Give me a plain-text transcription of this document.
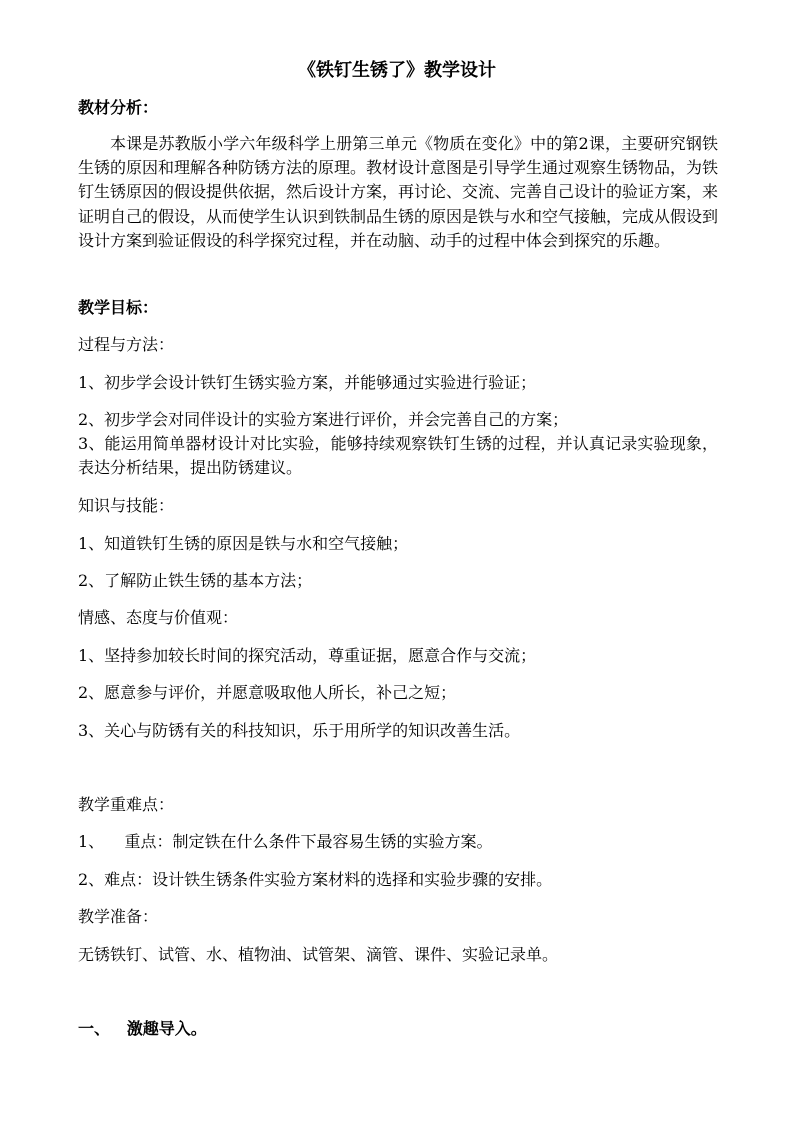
《铁钉生锈了》教学设计
教材分析：
本课是苏教版小学六年级科学上册第三单元《物质在变化》中的第2课，主要研究钢铁生锈的原因和理解各种防锈方法的原理。教材设计意图是引导学生通过观察生锈物品，为铁钉生锈原因的假设提供依据，然后设计方案，再讨论、交流、完善自己设计的验证方案，来证明自己的假设，从而使学生认识到铁制品生锈的原因是铁与水和空气接触，完成从假设到设计方案到验证假设的科学探究过程，并在动脑、动手的过程中体会到探究的乐趣。
教学目标：
过程与方法：
1、初步学会设计铁钉生锈实验方案，并能够通过实验进行验证；
2、初步学会对同伴设计的实验方案进行评价，并会完善自己的方案；
3、能运用简单器材设计对比实验，能够持续观察铁钉生锈的过程，并认真记录实验现象，表达分析结果，提出防锈建议。
知识与技能：
1、知道铁钉生锈的原因是铁与水和空气接触；
2、了解防止铁生锈的基本方法；
情感、态度与价值观：
1、坚持参加较长时间的探究活动，尊重证据，愿意合作与交流；
2、愿意参与评价，并愿意吸取他人所长，补己之短；
3、关心与防锈有关的科技知识，乐于用所学的知识改善生活。
教学重难点：
1、    重点：制定铁在什么条件下最容易生锈的实验方案。
2、难点：设计铁生锈条件实验方案材料的选择和实验步骤的安排。
教学准备：
无锈铁钉、试管、水、植物油、试管架、滴管、课件、实验记录单。
一、   激趣导入。
